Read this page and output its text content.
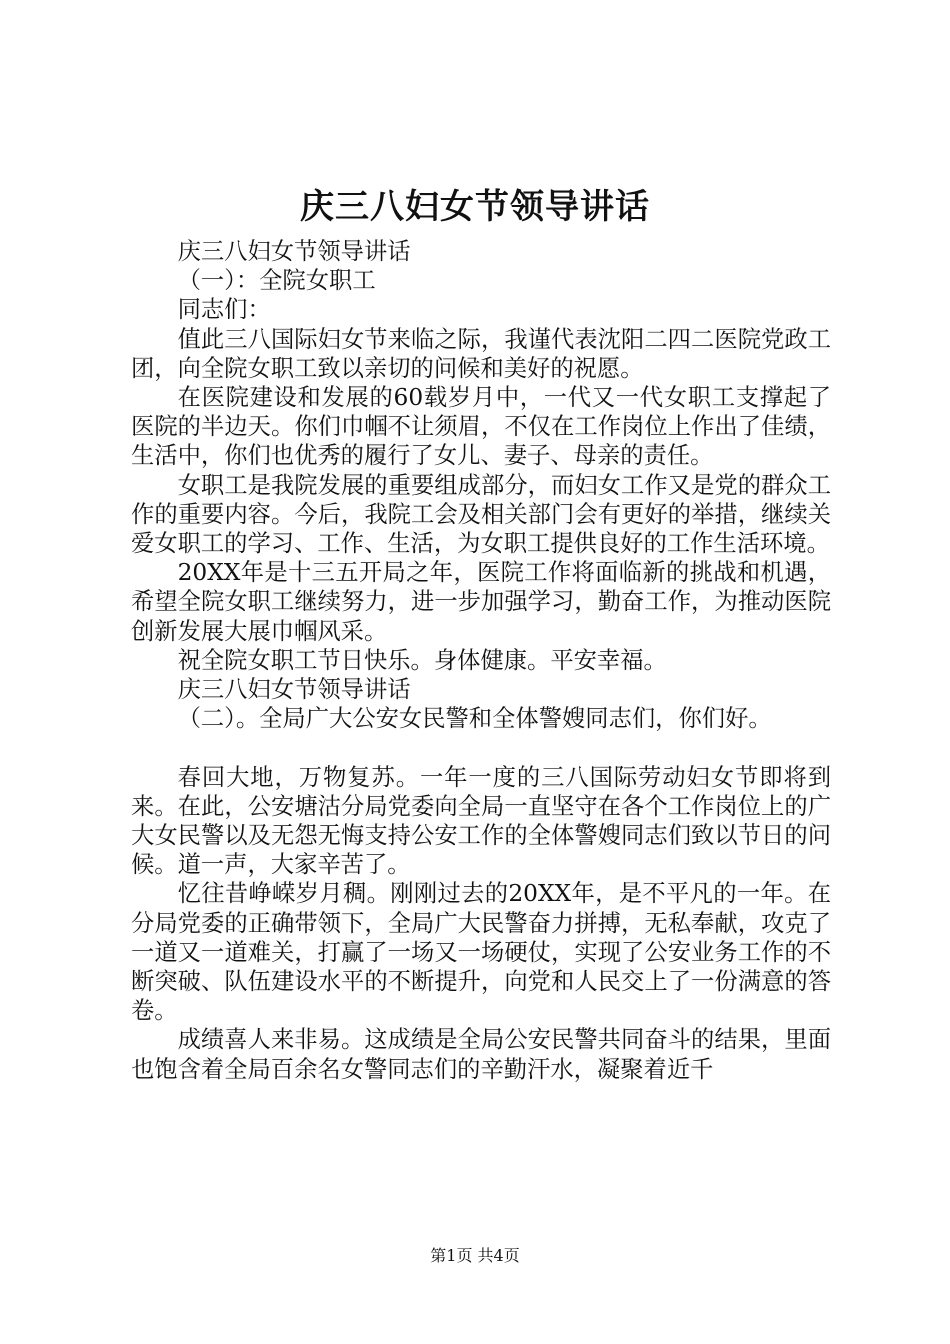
庆三八妇女节领导讲话

庆三八妇女节领导讲话

（一）：全院女职工

同志们：

值此三八国际妇女节来临之际，我谨代表沈阳二四二医院党政工团，向全院女职工致以亲切的问候和美好的祝愿。

在医院建设和发展的60载岁月中，一代又一代女职工支撑起了医院的半边天。你们巾帼不让须眉，不仅在工作岗位上作出了佳绩，生活中，你们也优秀的履行了女儿、妻子、母亲的责任。

女职工是我院发展的重要组成部分，而妇女工作又是党的群众工作的重要内容。今后，我院工会及相关部门会有更好的举措，继续关爱女职工的学习、工作、生活，为女职工提供良好的工作生活环境。

20XX年是十三五开局之年，医院工作将面临新的挑战和机遇，希望全院女职工继续努力，进一步加强学习，勤奋工作，为推动医院创新发展大展巾帼风采。

祝全院女职工节日快乐。身体健康。平安幸福。

庆三八妇女节领导讲话

（二）。全局广大公安女民警和全体警嫂同志们，你们好。

春回大地，万物复苏。一年一度的三八国际劳动妇女节即将到来。在此，公安塘沽分局党委向全局一直坚守在各个工作岗位上的广大女民警以及无怨无悔支持公安工作的全体警嫂同志们致以节日的问候。道一声，大家辛苦了。

忆往昔峥嵘岁月稠。刚刚过去的20XX年，是不平凡的一年。在分局党委的正确带领下，全局广大民警奋力拼搏，无私奉献，攻克了一道又一道难关，打赢了一场又一场硬仗，实现了公安业务工作的不断突破、队伍建设水平的不断提升，向党和人民交上了一份满意的答卷。

成绩喜人来非易。这成绩是全局公安民警共同奋斗的结果，里面也饱含着全局百余名女警同志们的辛勤汗水，凝聚着近千

第1页 共4页
